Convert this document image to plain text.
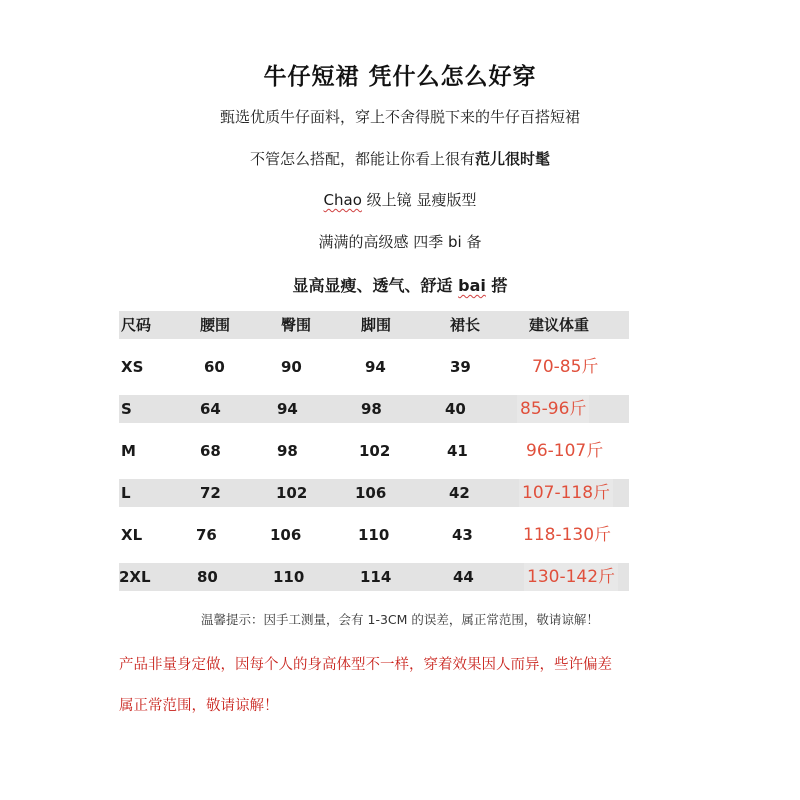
牛仔短裙 凭什么怎么好穿
甄选优质牛仔面料，穿上不舍得脱下来的牛仔百搭短裙
不管怎么搭配，都能让你看上很有范儿很时髦
Chao 级上镜 显瘦版型
满满的高级感 四季 bi 备
显高显瘦、透气、舒适 bai 搭
尺码	腰围	臀围	脚围	裙长	建议体重
XS	60	90	94	39	70-85斤
S	64	94	98	40	85-96斤
M	68	98	102	41	96-107斤
L	72	102	106	42	107-118斤
XL	76	106	110	43	118-130斤
2XL	80	110	114	44	130-142斤
温馨提示：因手工测量，会有 1-3CM 的误差，属正常范围，敬请谅解！
产品非量身定做，因每个人的身高体型不一样，穿着效果因人而异，些许偏差
属正常范围，敬请谅解！
